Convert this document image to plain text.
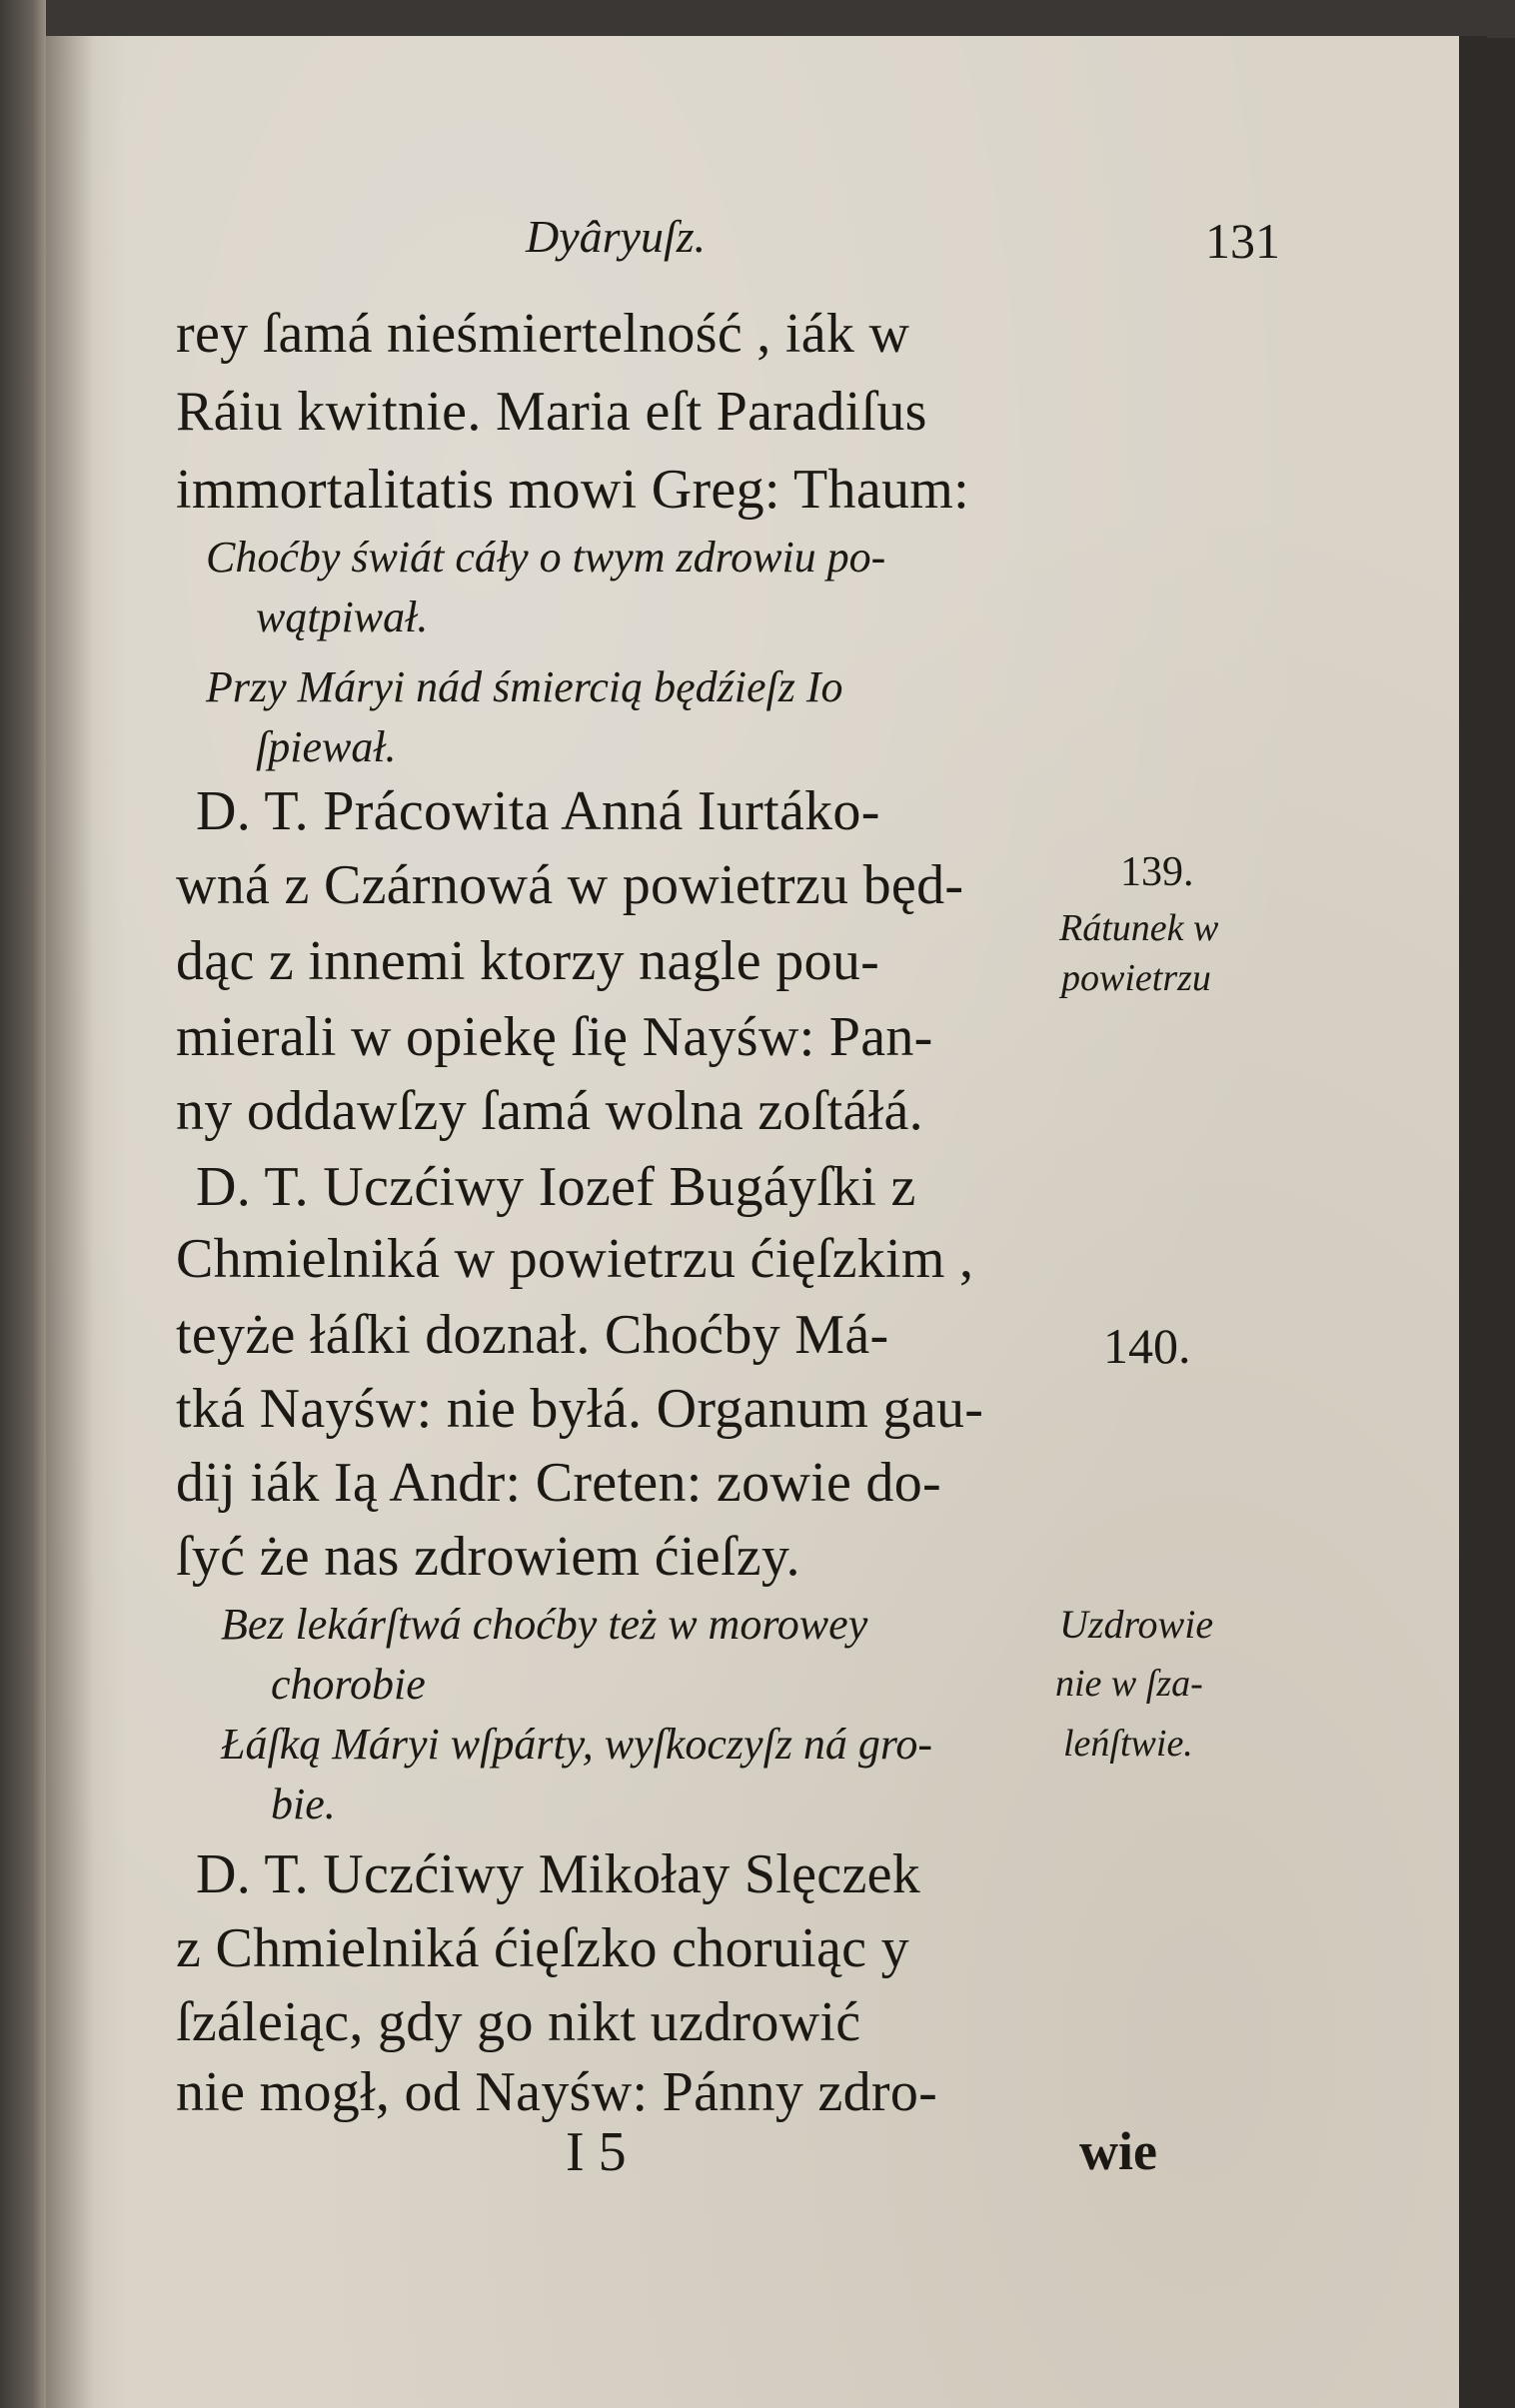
Dyâryuſz.	131
rey ſamá nieśmiertelność , iák w
Ráiu kwitnie. Maria eſt Paradiſus
immortalitatis mowi Greg: Thaum:
Choćby świát cáły o twym zdrowiu po-
wątpiwał.
Przy Máryi nád śmiercią będźieſz Io
ſpiewał.
D. T. Prácowita Anná Iurtáko-
wná z Czárnowá w powietrzu będ-
dąc z innemi ktorzy nagle pou-
mierali w opiekę ſię Nayśw: Pan-
ny oddawſzy ſamá wolna zoſtáłá.
D. T. Uczćiwy Iozef Bugáyſki z
Chmielniká w powietrzu ćięſzkim ,
teyże łáſki doznał. Choćby Má-
tká Nayśw: nie byłá. Organum gau-
dij iák Ią Andr: Creten: zowie do-
ſyć że nas zdrowiem ćieſzy.
Bez lekárſtwá choćby też w morowey
chorobie
Łáſką Máryi wſpárty, wyſkoczyſz ná gro-
bie.
D. T. Uczćiwy Mikołay Slęczek
z Chmielniká ćięſzko choruiąc y
ſzáleiąc, gdy go nikt uzdrowić
nie mogł, od Nayśw: Pánny zdro-
139.
Rátunek w
powietrzu
140.
Uzdrowie
nie w ſza-
leńſtwie.
I 5	wie
